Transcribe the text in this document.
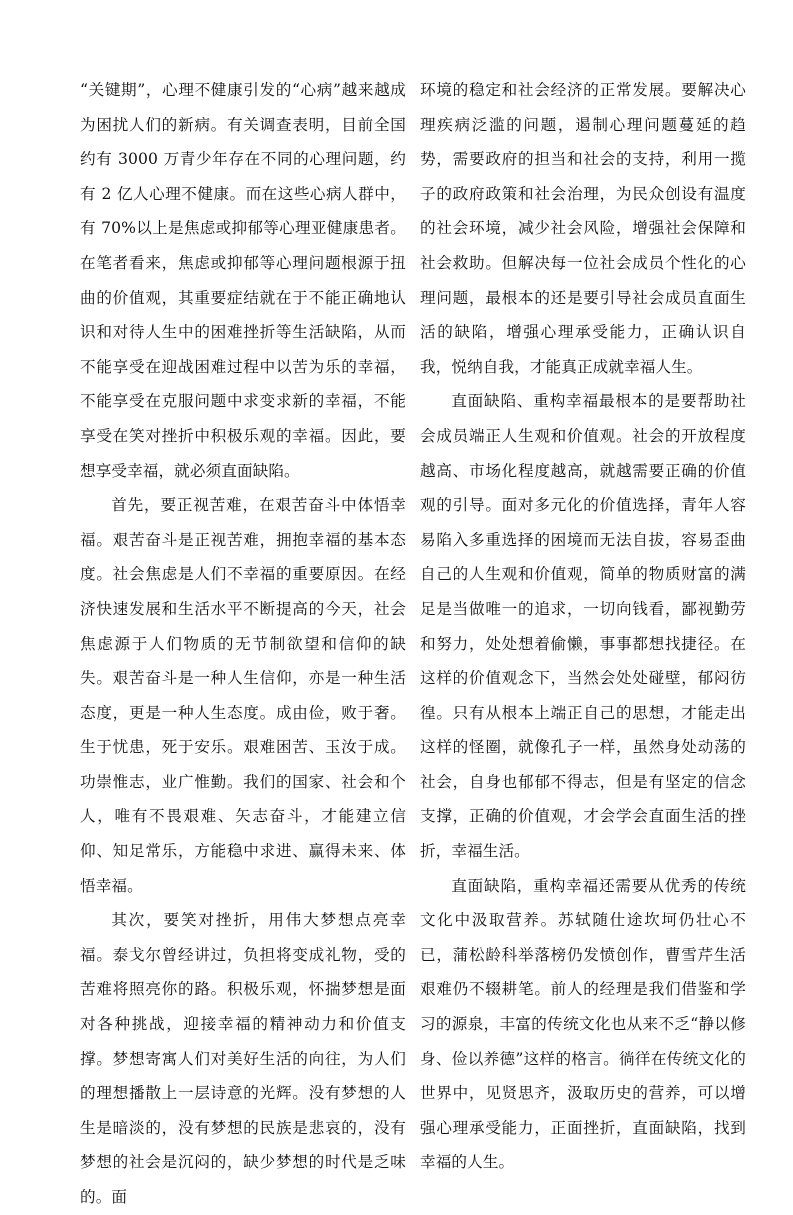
“关键期”，心理不健康引发的“心病”越来越成为困扰人们的新病。有关调查表明，目前全国约有 3000 万青少年存在不同的心理问题，约有 2 亿人心理不健康。而在这些心病人群中，有 70%以上是焦虑或抑郁等心理亚健康患者。在笔者看来，焦虑或抑郁等心理问题根源于扭曲的价值观，其重要症结就在于不能正确地认识和对待人生中的困难挫折等生活缺陷，从而不能享受在迎战困难过程中以苦为乐的幸福，不能享受在克服问题中求变求新的幸福，不能享受在笑对挫折中积极乐观的幸福。因此，要想享受幸福，就必须直面缺陷。

首先，要正视苦难，在艰苦奋斗中体悟幸福。艰苦奋斗是正视苦难，拥抱幸福的基本态度。社会焦虑是人们不幸福的重要原因。在经济快速发展和生活水平不断提高的今天，社会焦虑源于人们物质的无节制欲望和信仰的缺失。艰苦奋斗是一种人生信仰，亦是一种生活态度，更是一种人生态度。成由俭，败于奢。生于忧患，死于安乐。艰难困苦、玉汝于成。功崇惟志，业广惟勤。我们的国家、社会和个人，唯有不畏艰难、矢志奋斗，才能建立信仰、知足常乐，方能稳中求进、赢得未来、体悟幸福。

其次，要笑对挫折，用伟大梦想点亮幸福。泰戈尔曾经讲过，负担将变成礼物，受的苦难将照亮你的路。积极乐观，怀揣梦想是面对各种挑战，迎接幸福的精神动力和价值支撑。梦想寄寓人们对美好生活的向往，为人们的理想播散上一层诗意的光辉。没有梦想的人生是暗淡的，没有梦想的民族是悲哀的，没有梦想的社会是沉闷的，缺少梦想的时代是乏味的。面

环境的稳定和社会经济的正常发展。要解决心理疾病泛滥的问题，遏制心理问题蔓延的趋势，需要政府的担当和社会的支持，利用一揽子的政府政策和社会治理，为民众创设有温度的社会环境，减少社会风险，增强社会保障和社会救助。但解决每一位社会成员个性化的心理问题，最根本的还是要引导社会成员直面生活的缺陷，增强心理承受能力，正确认识自我，悦纳自我，才能真正成就幸福人生。

直面缺陷、重构幸福最根本的是要帮助社会成员端正人生观和价值观。社会的开放程度越高、市场化程度越高，就越需要正确的价值观的引导。面对多元化的价值选择，青年人容易陷入多重选择的困境而无法自拔，容易歪曲自己的人生观和价值观，简单的物质财富的满足是当做唯一的追求，一切向钱看，鄙视勤劳和努力，处处想着偷懒，事事都想找捷径。在这样的价值观念下，当然会处处碰壁，郁闷彷徨。只有从根本上端正自己的思想，才能走出这样的怪圈，就像孔子一样，虽然身处动荡的社会，自身也郁郁不得志，但是有坚定的信念支撑，正确的价值观，才会学会直面生活的挫折，幸福生活。

直面缺陷，重构幸福还需要从优秀的传统文化中汲取营养。苏轼随仕途坎坷仍壮心不已，蒲松龄科举落榜仍发愤创作，曹雪芹生活艰难仍不辍耕笔。前人的经理是我们借鉴和学习的源泉，丰富的传统文化也从来不乏“静以修身、俭以养德”这样的格言。徜徉在传统文化的世界中，见贤思齐，汲取历史的营养，可以增强心理承受能力，正面挫折，直面缺陷，找到幸福的人生。
